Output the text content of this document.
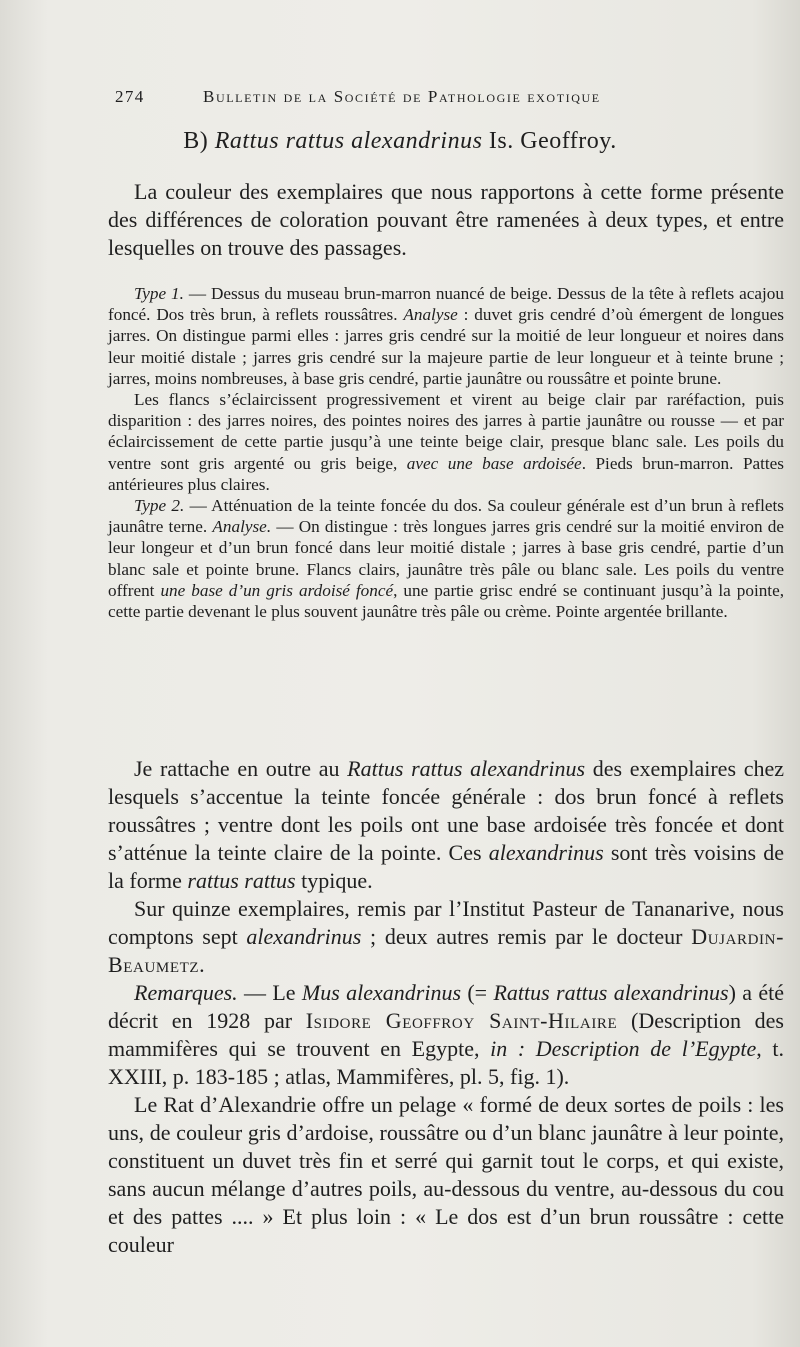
274	Bulletin de la Société de Pathologie exotique
B) Rattus rattus alexandrinus Is. Geoffroy.

La couleur des exemplaires que nous rapportons à cette forme présente des différences de coloration pouvant être ramenées à deux types, et entre lesquelles on trouve des passages.

Type 1. — Dessus du museau brun-marron nuancé de beige. Dessus de la tête à reflets acajou foncé. Dos très brun, à reflets roussâtres. Analyse : duvet gris cendré d’où émergent de longues jarres. On distingue parmi elles : jarres gris cendré sur la moitié de leur longueur et noires dans leur moitié distale ; jarres gris cendré sur la majeure partie de leur longueur et à teinte brune ; jarres, moins nombreuses, à base gris cendré, partie jaunâtre ou roussâtre et pointe brune.

Les flancs s’éclaircissent progressivement et virent au beige clair par raréfaction, puis disparition : des jarres noires, des pointes noires des jarres à partie jaunâtre ou rousse — et par éclaircissement de cette partie jusqu’à une teinte beige clair, presque blanc sale. Les poils du ventre sont gris argenté ou gris beige, avec une base ardoisée. Pieds brun-marron. Pattes antérieures plus claires.

Type 2. — Atténuation de la teinte foncée du dos. Sa couleur générale est d’un brun à reflets jaunâtre terne. Analyse. — On distingue : très longues jarres gris cendré sur la moitié environ de leur longeur et d’un brun foncé dans leur moitié distale ; jarres à base gris cendré, partie d’un blanc sale et pointe brune. Flancs clairs, jaunâtre très pâle ou blanc sale. Les poils du ventre offrent une base d’un gris ardoisé foncé, une partie grisc endré se continuant jusqu’à la pointe, cette partie devenant le plus souvent jaunâtre très pâle ou crème. Pointe argentée brillante.

Je rattache en outre au Rattus rattus alexandrinus des exemplaires chez lesquels s’accentue la teinte foncée générale : dos brun foncé à reflets roussâtres ; ventre dont les poils ont une base ardoisée très foncée et dont s’atténue la teinte claire de la pointe. Ces alexandrinus sont très voisins de la forme rattus rattus typique.

Sur quinze exemplaires, remis par l’Institut Pasteur de Tananarive, nous comptons sept alexandrinus ; deux autres remis par le docteur Dujardin-Beaumetz.

Remarques. — Le Mus alexandrinus (= Rattus rattus alexandrinus) a été décrit en 1928 par Isidore Geoffroy Saint-Hilaire (Description des mammifères qui se trouvent en Egypte, in : Description de l’Egypte, t. XXIII, p. 183-185 ; atlas, Mammifères, pl. 5, fig. 1).

Le Rat d’Alexandrie offre un pelage « formé de deux sortes de poils : les uns, de couleur gris d’ardoise, roussâtre ou d’un blanc jaunâtre à leur pointe, constituent un duvet très fin et serré qui garnit tout le corps, et qui existe, sans aucun mélange d’autres poils, au-dessous du ventre, au-dessous du cou et des pattes .... » Et plus loin : « Le dos est d’un brun roussâtre : cette couleur
